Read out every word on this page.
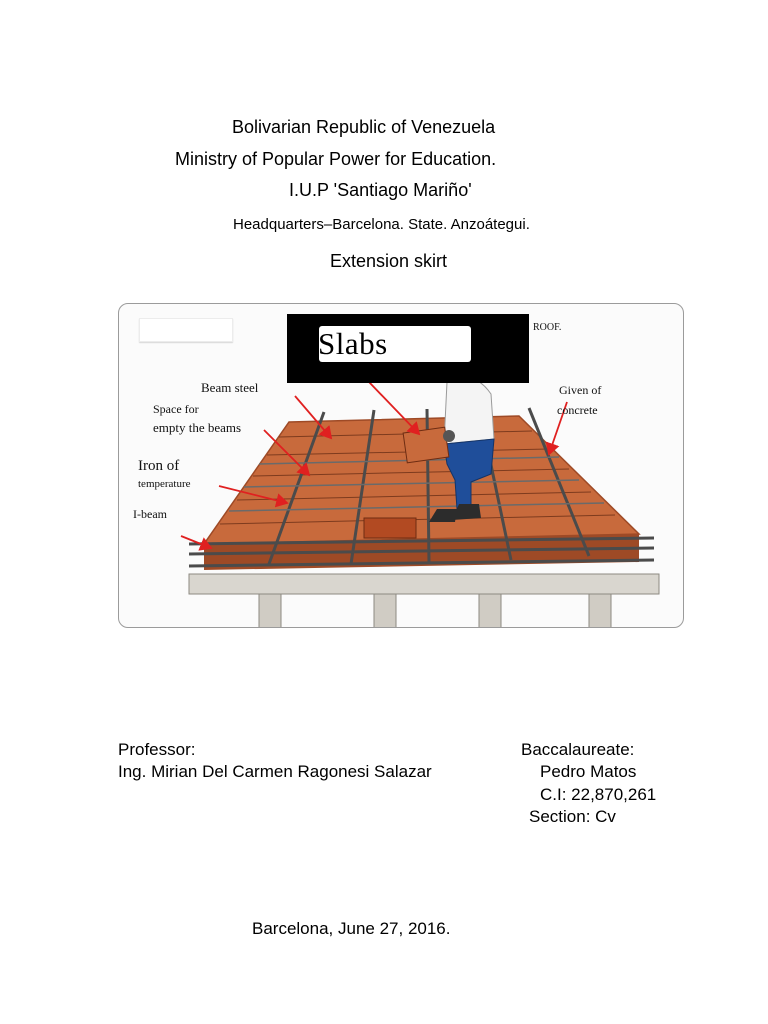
Bolivarian Republic of Venezuela
Ministry of Popular Power for Education.
I.U.P 'Santiago Mariño'
Headquarters–Barcelona. State. Anzoátegui.
Extension skirt
Beam steel
Space for
empty the beams
Iron of
temperature
I-beam
Given of
concrete
ROOF.
Slabs
Professor:
Ing. Mirian Del Carmen Ragonesi Salazar
Baccalaureate:
Pedro Matos
C.I: 22,870,261
Section: Cv
Barcelona, June 27, 2016.
